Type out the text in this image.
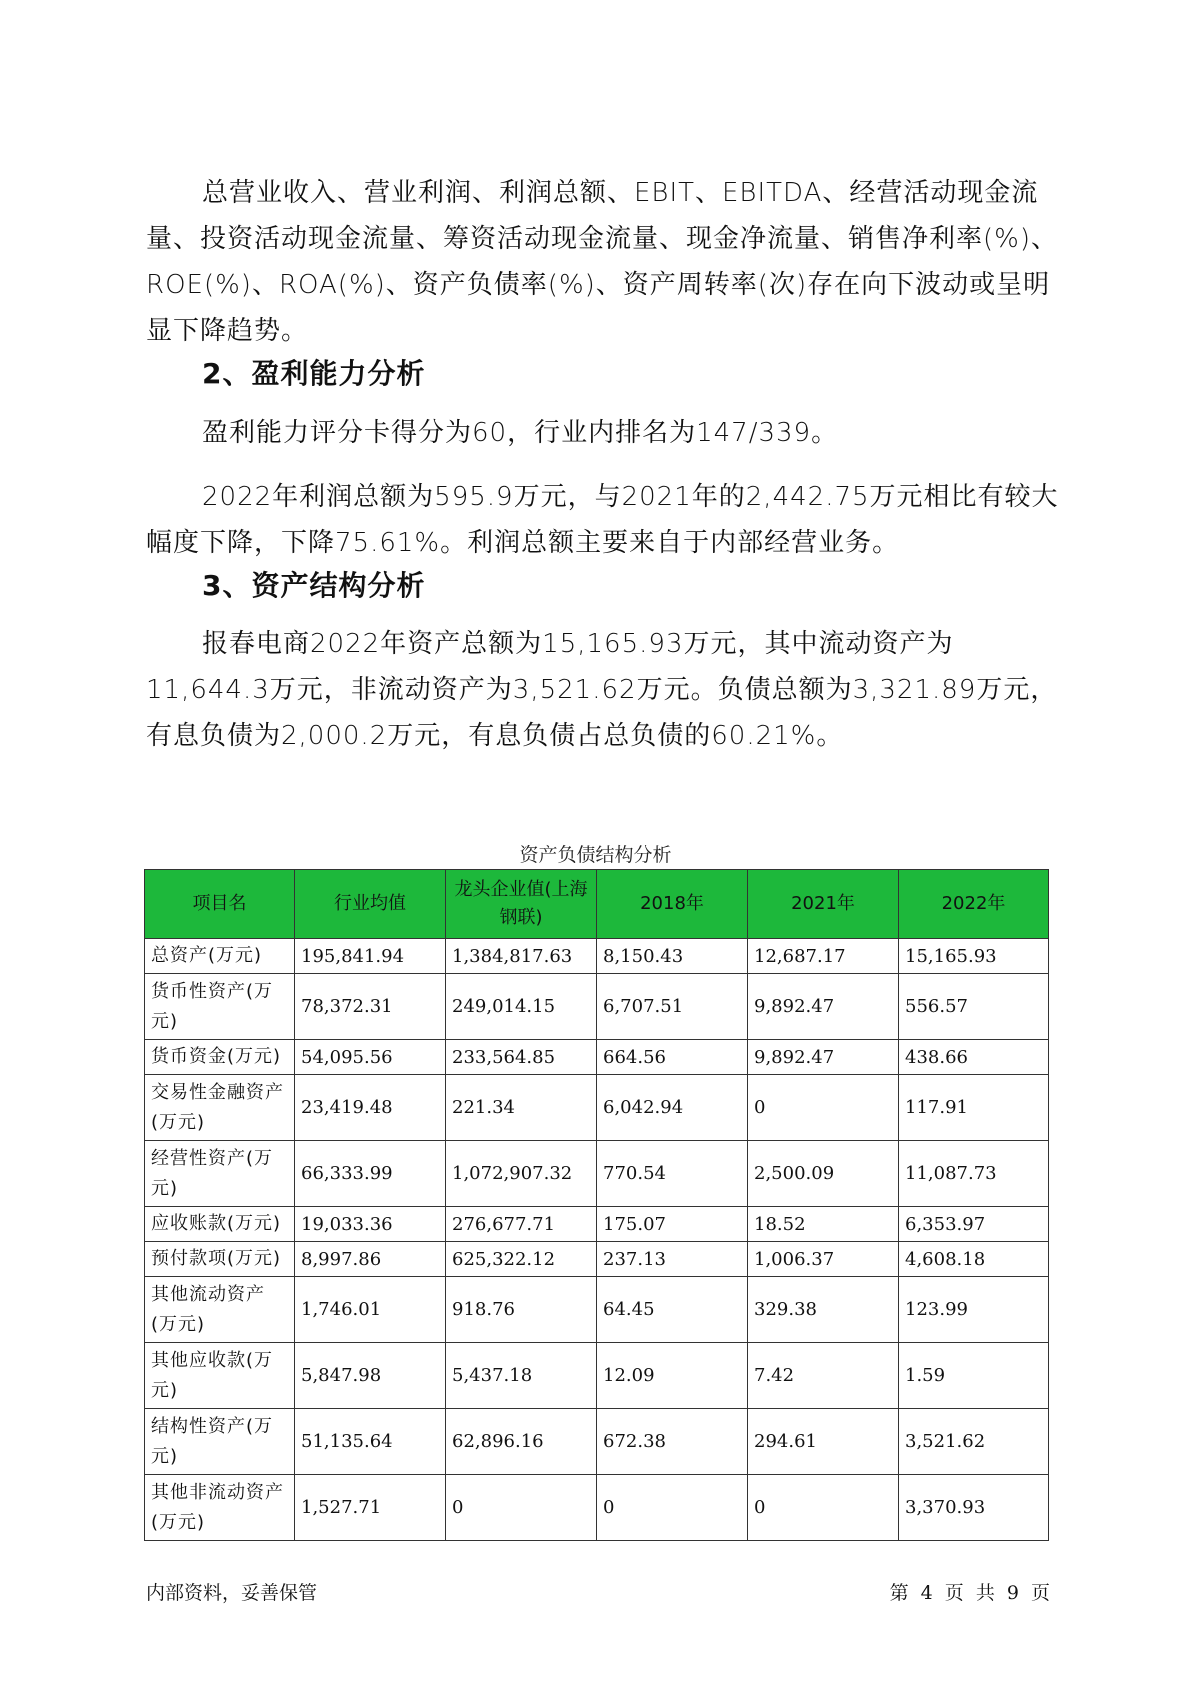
总营业收入、营业利润、利润总额、EBIT、EBITDA、经营活动现金流量、投资活动现金流量、筹资活动现金流量、现金净流量、销售净利率(%)、ROE(%)、ROA(%)、资产负债率(%)、资产周转率(次)存在向下波动或呈明显下降趋势。

2、盈利能力分析

盈利能力评分卡得分为60，行业内排名为147/339。

2022年利润总额为595.9万元，与2021年的2,442.75万元相比有较大幅度下降，下降75.61%。利润总额主要来自于内部经营业务。

3、资产结构分析

报春电商2022年资产总额为15,165.93万元，其中流动资产为11,644.3万元，非流动资产为3,521.62万元。负债总额为3,321.89万元，有息负债为2,000.2万元，有息负债占总负债的60.21%。

资产负债结构分析
项目名	行业均值	龙头企业值(上海钢联)	2018年	2021年	2022年
总资产(万元)	195,841.94	1,384,817.63	8,150.43	12,687.17	15,165.93
货币性资产(万元)	78,372.31	249,014.15	6,707.51	9,892.47	556.57
货币资金(万元)	54,095.56	233,564.85	664.56	9,892.47	438.66
交易性金融资产(万元)	23,419.48	221.34	6,042.94	0	117.91
经营性资产(万元)	66,333.99	1,072,907.32	770.54	2,500.09	11,087.73
应收账款(万元)	19,033.36	276,677.71	175.07	18.52	6,353.97
预付款项(万元)	8,997.86	625,322.12	237.13	1,006.37	4,608.18
其他流动资产(万元)	1,746.01	918.76	64.45	329.38	123.99
其他应收款(万元)	5,847.98	5,437.18	12.09	7.42	1.59
结构性资产(万元)	51,135.64	62,896.16	672.38	294.61	3,521.62
其他非流动资产(万元)	1,527.71	0	0	0	3,370.93
内部资料，妥善保管	第 4 页 共 9 页
